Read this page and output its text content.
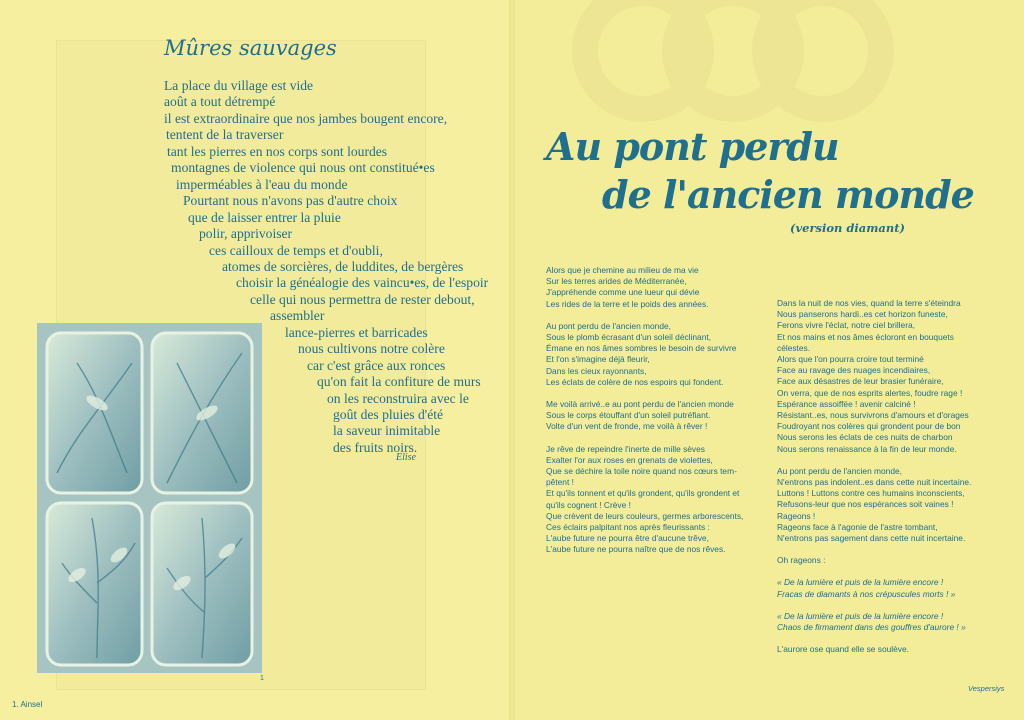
Mûres sauvages
La place du village est vide
août a tout détrempé
il est extraordinaire que nos jambes bougent encore,
tentent de la traverser
tant les pierres en nos corps sont lourdes
montagnes de violence qui nous ont constitué•es
imperméables à l'eau du monde
Pourtant nous n'avons pas d'autre choix
que de laisser entrer la pluie
polir, apprivoiser
ces cailloux de temps et d'oubli,
atomes de sorcières, de luddites, de bergères
choisir la généalogie des vaincu•es, de l'espoir
celle qui nous permettra de rester debout,
assembler
lance-pierres et barricades
nous cultivons notre colère
car c'est grâce aux ronces
qu'on fait la confiture de murs
on les reconstruira avec le
goût des pluies d'été
la saveur inimitable
des fruits noirs.
Elise
1
1. Ainsel
Au pont perdu
de l'ancien monde
(version diamant)

Alors que je chemine au milieu de ma vie
Sur les terres arides de Méditerranée,
J'appréhende comme une lueur qui dévie
Les rides de la terre et le poids des années.

Au pont perdu de l'ancien monde,
Sous le plomb écrasant d'un soleil déclinant,
Émane en nos âmes sombres le besoin de survivre
Et l'on s'imagine déjà fleurir,
Dans les cieux rayonnants,
Les éclats de colère de nos espoirs qui fondent.

Me voilà arrivé..e au pont perdu de l'ancien monde
Sous le corps étouffant d'un soleil putréfiant.
Volte d'un vent de fronde, me voilà à rêver !

Je rêve de repeindre l'inerte de mille sèves
Exalter l'or aux roses en grenats de violettes,
Que se déchire la toile noire quand nos cœurs tem-
pêtent !
Et qu'ils tonnent et qu'ils grondent, qu'ils grondent et
qu'ils cognent ! Crève !
Que crèvent de leurs couleurs, germes arborescents,
Ces éclairs palpitant nos après fleurissants :
L'aube future ne pourra être d'aucune trêve,
L'aube future ne pourra naître que de nos rêves.

Dans la nuit de nos vies, quand la terre s'éteindra
Nous panserons hardi..es cet horizon funeste,
Ferons vivre l'éclat, notre ciel brillera,
Et nos mains et nos âmes écloront en bouquets
célestes.
Alors que l'on pourra croire tout terminé
Face au ravage des nuages incendiaires,
Face aux désastres de leur brasier funéraire,
On verra, que de nos esprits alertes, foudre rage !
Espérance assoiffée ! avenir calciné !
Résistant..es, nous survivrons d'amours et d'orages
Foudroyant nos colères qui grondent pour de bon
Nous serons les éclats de ces nuits de charbon
Nous serons renaissance à la fin de leur monde.

Au pont perdu de l'ancien monde,
N'entrons pas indolent..es dans cette nuit incertaine.
Luttons ! Luttons contre ces humains inconscients,
Refusons-leur que nos espérances soit vaines !
Rageons !
Rageons face à l'agonie de l'astre tombant,
N'entrons pas sagement dans cette nuit incertaine.

Oh rageons :

« De la lumière et puis de la lumière encore !
Fracas de diamants à nos crépuscules morts ! »

« De la lumière et puis de la lumière encore !
Chaos de firmament dans des gouffres d'aurore ! »

L'aurore ose quand elle se soulève.

Vespersiys
